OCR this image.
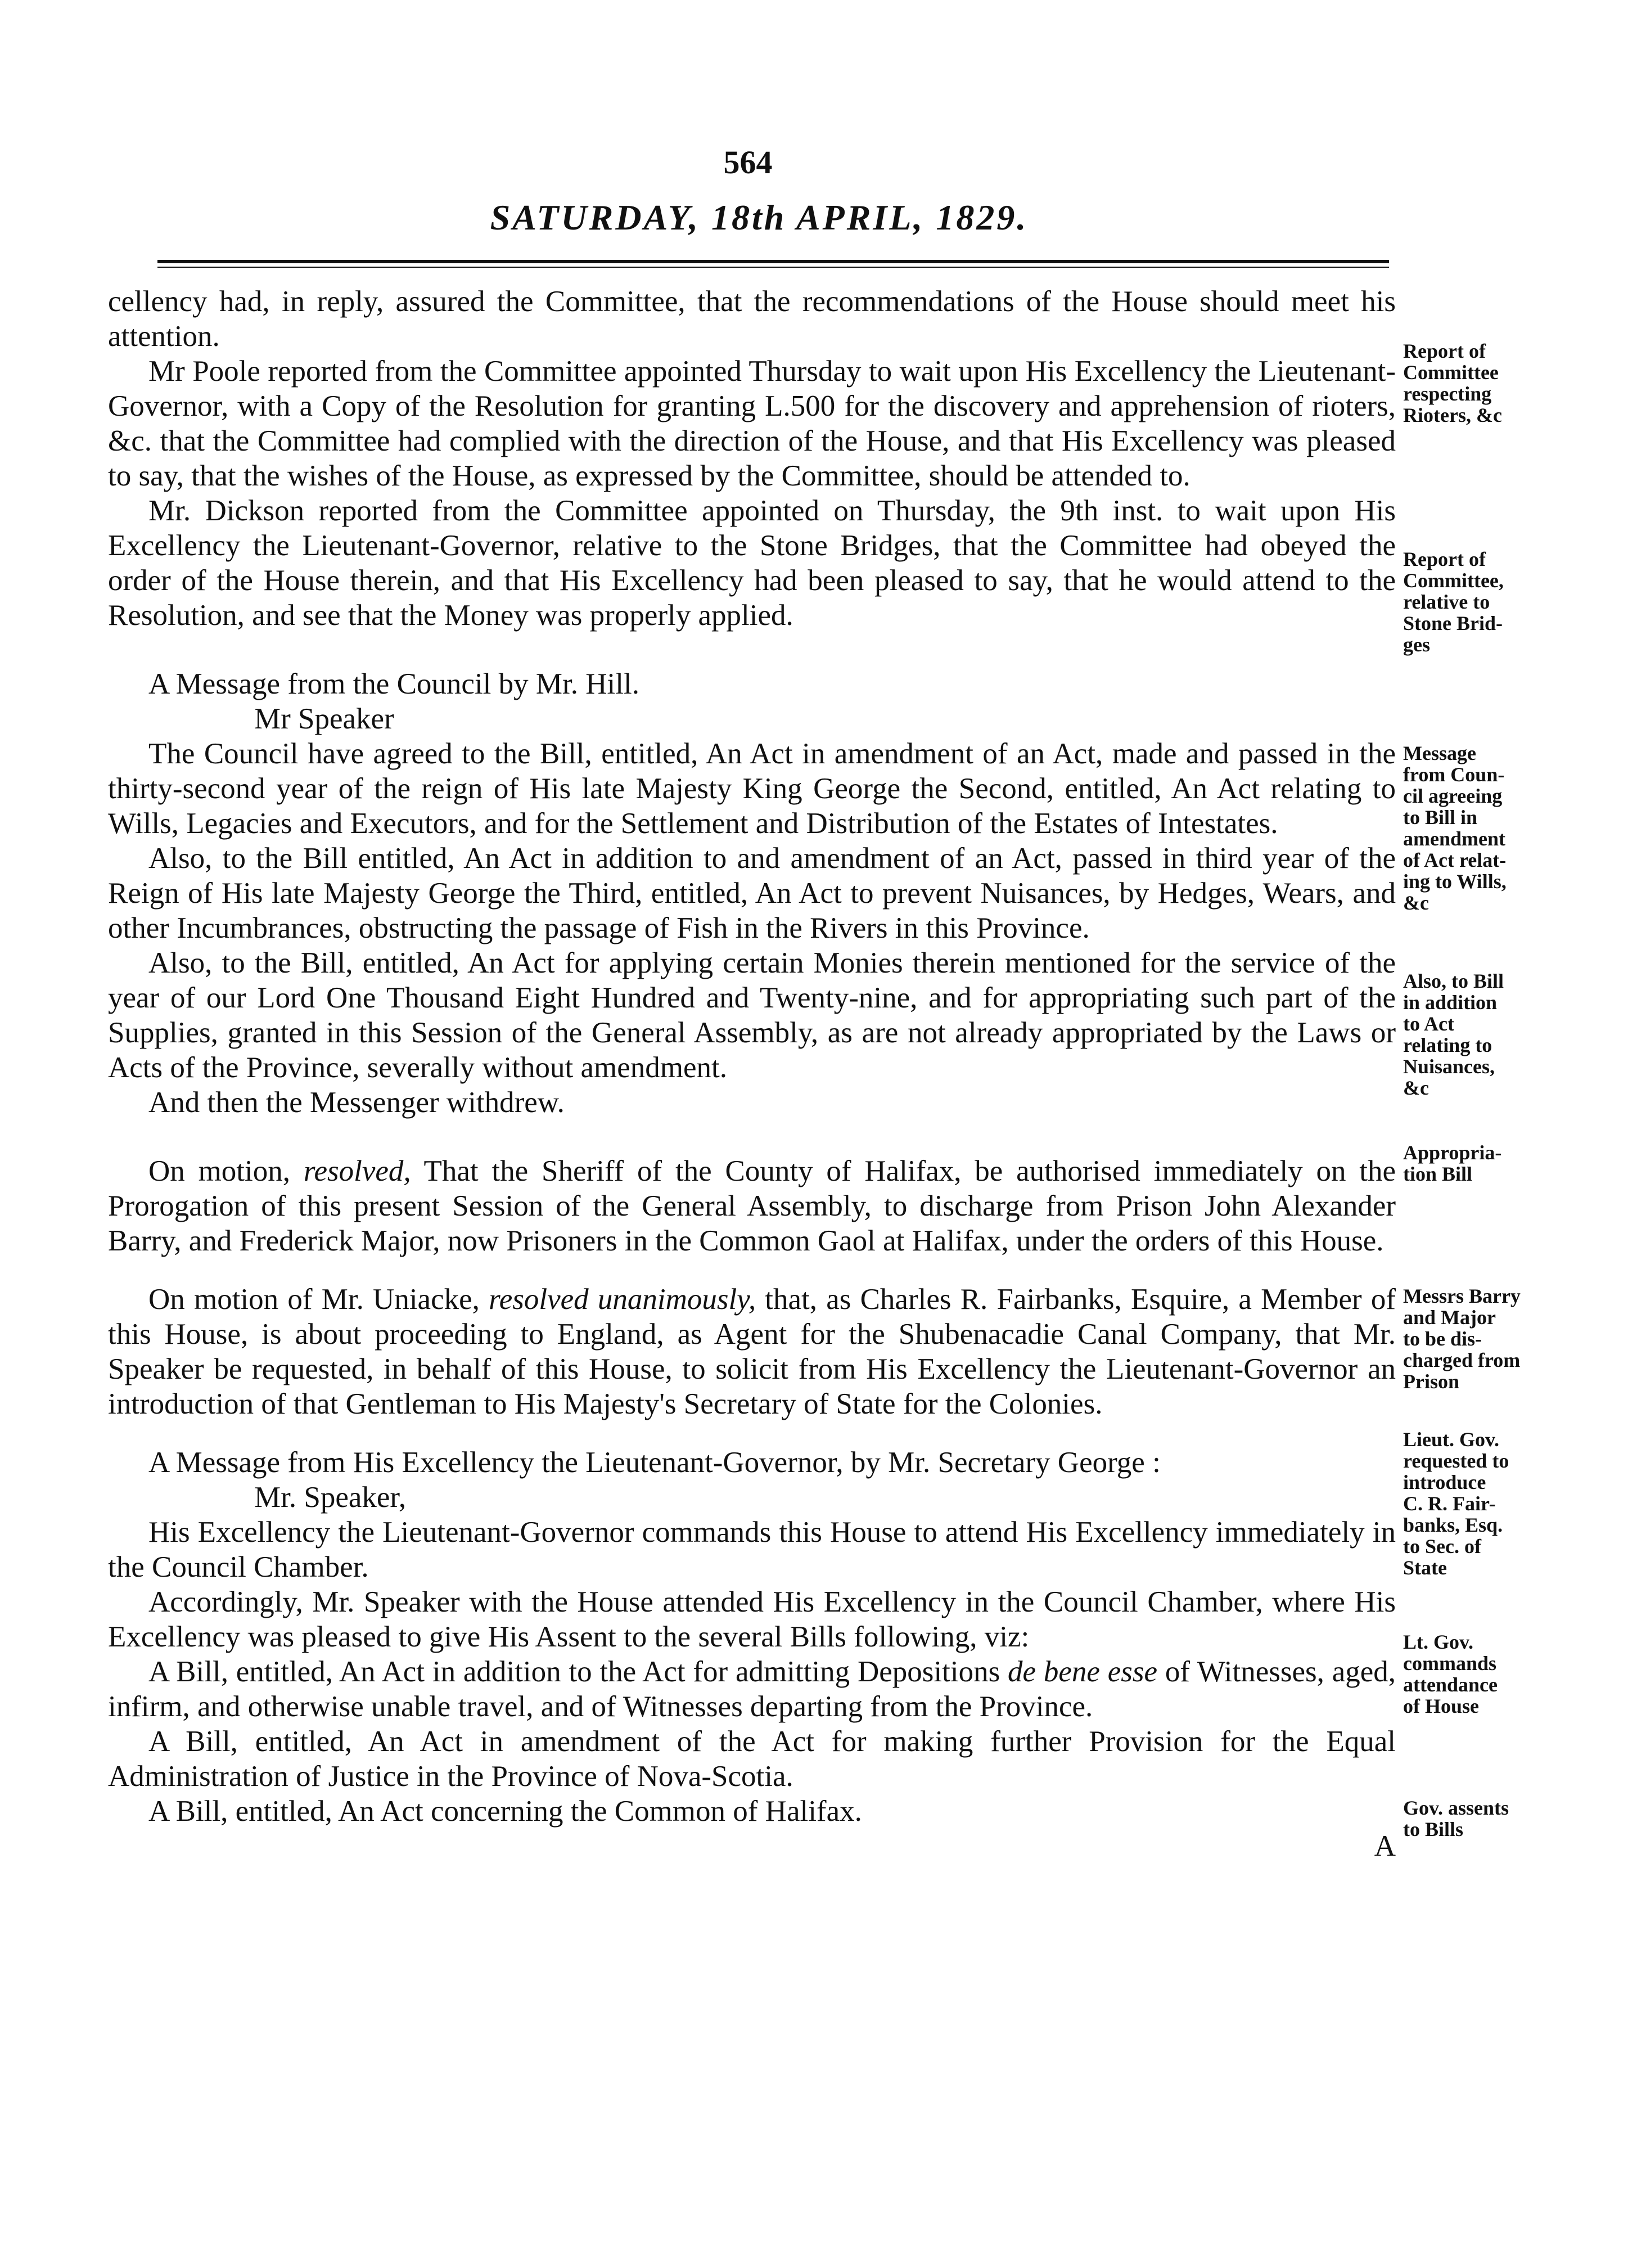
564
SATURDAY, 18th APRIL, 1829.

cellency had, in reply, assured the Committee, that the recommendations of the House should meet his attention.

Mr Poole reported from the Committee appointed Thursday to wait upon His Excellency the Lieutenant-Governor, with a Copy of the Resolution for granting L.500 for the discovery and apprehension of rioters, &c. that the Committee had complied with the direction of the House, and that His Excellency was pleased to say, that the wishes of the House, as expressed by the Committee, should be attended to.

Mr. Dickson reported from the Committee appointed on Thursday, the 9th inst. to wait upon His Excellency the Lieutenant-Governor, relative to the Stone Bridges, that the Committee had obeyed the order of the House therein, and that His Excellency had been pleased to say, that he would attend to the Resolution, and see that the Money was properly applied.

A Message from the Council by Mr. Hill.

Mr Speaker

The Council have agreed to the Bill, entitled, An Act in amendment of an Act, made and passed in the thirty-second year of the reign of His late Majesty King George the Second, entitled, An Act relating to Wills, Legacies and Executors, and for the Settlement and Distribution of the Estates of Intestates.

Also, to the Bill entitled, An Act in addition to and amendment of an Act, passed in third year of the Reign of His late Majesty George the Third, entitled, An Act to prevent Nuisances, by Hedges, Wears, and other Incumbrances, obstructing the passage of Fish in the Rivers in this Province.

Also, to the Bill, entitled, An Act for applying certain Monies therein mentioned for the service of the year of our Lord One Thousand Eight Hundred and Twenty-nine, and for appropriating such part of the Supplies, granted in this Session of the General Assembly, as are not already appropriated by the Laws or Acts of the Province, severally without amendment.

And then the Messenger withdrew.

On motion, resolved, That the Sheriff of the County of Halifax, be authorised immediately on the Prorogation of this present Session of the General Assembly, to discharge from Prison John Alexander Barry, and Frederick Major, now Prisoners in the Common Gaol at Halifax, under the orders of this House.

On motion of Mr. Uniacke, resolved unanimously, that, as Charles R. Fairbanks, Esquire, a Member of this House, is about proceeding to England, as Agent for the Shubenacadie Canal Company, that Mr. Speaker be requested, in behalf of this House, to solicit from His Excellency the Lieutenant-Governor an introduction of that Gentleman to His Majesty's Secretary of State for the Colonies.

A Message from His Excellency the Lieutenant-Governor, by Mr. Secretary George :

Mr. Speaker,

His Excellency the Lieutenant-Governor commands this House to attend His Excellency immediately in the Council Chamber.

Accordingly, Mr. Speaker with the House attended His Excellency in the Council Chamber, where His Excellency was pleased to give His Assent to the several Bills following, viz:

A Bill, entitled, An Act in addition to the Act for admitting Depositions de bene esse of Witnesses, aged, infirm, and otherwise unable travel, and of Witnesses departing from the Province.

A Bill, entitled, An Act in amendment of the Act for making further Provision for the Equal Administration of Justice in the Province of Nova-Scotia.

A Bill, entitled, An Act concerning the Common of Halifax.

A

Report of
Committee
respecting
Rioters, &c
Report of
Committee,
relative to
Stone Brid-
ges
Message
from Coun-
cil agreeing
to Bill in
amendment
of Act relat-
ing to Wills,
&c
Also, to Bill
in addition
to Act
relating to
Nuisances,
&c
Appropria-
tion Bill
Messrs Barry
and Major
to be dis-
charged from
Prison
Lieut. Gov.
requested to
introduce
C. R. Fair-
banks, Esq.
to Sec. of
State
Lt. Gov.
commands
attendance
of House
Gov. assents
to Bills
